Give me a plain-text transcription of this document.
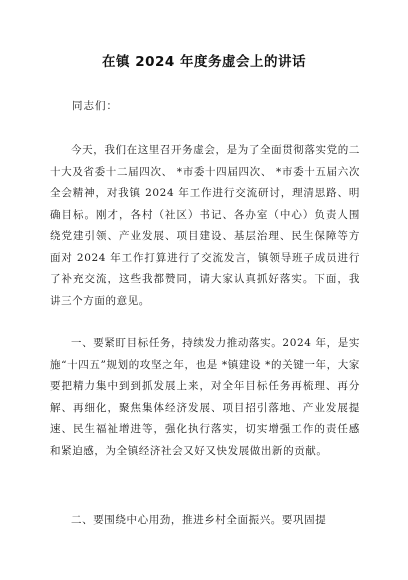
在镇 2024 年度务虚会上的讲话
同志们：
今天，我们在这里召开务虚会，是为了全面贯彻落实党的二十大及省委十二届四次、 *市委十四届四次、 *市委十五届六次全会精神，对我镇 2024 年工作进行交流研讨，理清思路、明确目标。刚才，各村（社区）书记、各办室（中心）负责人围绕党建引领、产业发展、项目建设、基层治理、民生保障等方面对 2024 年工作打算进行了交流发言，镇领导班子成员进行了补充交流，这些我都赞同，请大家认真抓好落实。下面，我讲三个方面的意见。
一、要紧盯目标任务，持续发力推动落实。2024 年，是实施“十四五”规划的攻坚之年，也是 *镇建设 *的关键一年，大家要把精力集中到到抓发展上来，对全年目标任务再梳理、再分解、再细化，聚焦集体经济发展、项目招引落地、产业发展提速、民生福祉增进等，强化执行落实，切实增强工作的责任感和紧迫感，为全镇经济社会又好又快发展做出新的贡献。
二、要围绕中心用劲，推进乡村全面振兴。要巩固提
